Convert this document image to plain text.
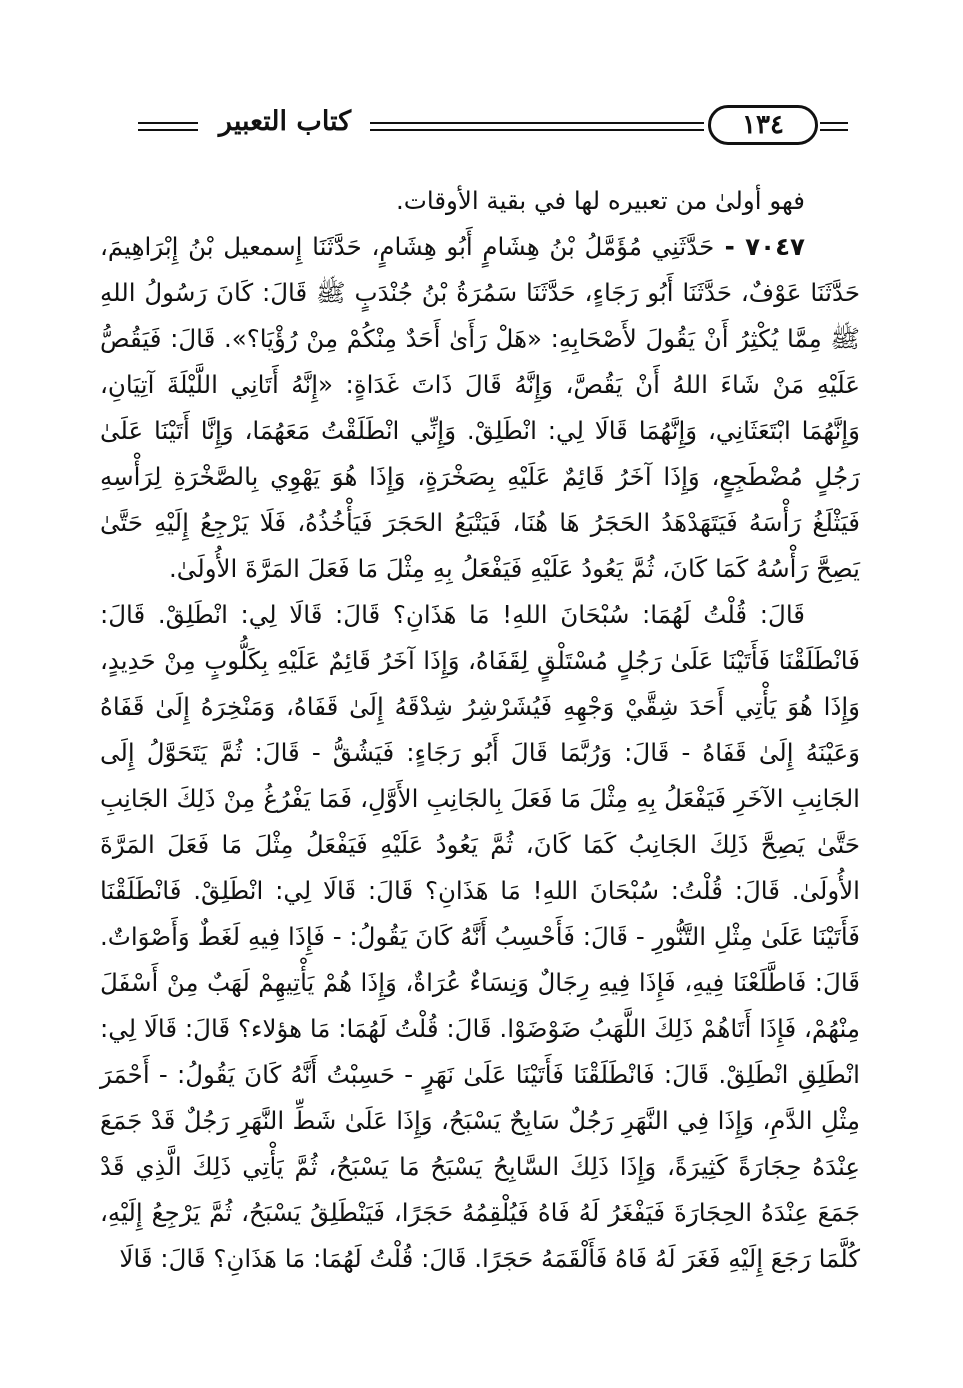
كتاب التعبير	١٣٤

فهو أولىٰ من تعبيره لها في بقية الأوقات.

٧٠٤٧ - حَدَّثَنِي مُؤَمَّلُ بْنُ هِشَامٍ أَبُو هِشَامٍ، حَدَّثَنَا إِسمعيل بْنُ إِبْرَاهِيمَ، حَدَّثَنَا عَوْفٌ، حَدَّثَنَا أَبُو رَجَاءٍ، حَدَّثَنَا سَمُرَةُ بْنُ جُنْدَبٍ ﷺ قَالَ: كَانَ رَسُولُ اللهِ ﷺ مِمَّا يُكْثِرُ أَنْ يَقُولَ لأَصْحَابِهِ: «هَلْ رَأَىٰ أَحَدٌ مِنْكُمْ مِنْ رُؤْيَا؟». قَالَ: فَيَقُصُّ عَلَيْهِ مَنْ شَاءَ اللهُ أَنْ يَقُصَّ، وَإِنَّهُ قَالَ ذَاتَ غَدَاةٍ: «إِنَّهُ أَتَانِي اللَّيْلَةَ آتِيَانِ، وَإِنَّهُمَا ابْتَعَثَانِي، وَإِنَّهُمَا قَالَا لِي: انْطَلِقْ. وَإِنِّي انْطَلَقْتُ مَعَهُمَا، وَإِنَّا أَتَيْنَا عَلَىٰ رَجُلٍ مُضْطَجِعٍ، وَإِذَا آخَرُ قَائِمٌ عَلَيْهِ بِصَخْرَةٍ، وَإِذَا هُوَ يَهْوِي بِالصَّخْرَةِ لِرَأْسِهِ فَيَثْلَغُ رَأْسَهُ فَيَتَهَدْهَدُ الحَجَرُ هَا هُنَا، فَيَتْبَعُ الحَجَرَ فَيَأْخُذُهُ، فَلَا يَرْجِعُ إِلَيْهِ حَتَّىٰ يَصِحَّ رَأْسُهُ كَمَا كَانَ، ثُمَّ يَعُودُ عَلَيْهِ فَيَفْعَلُ بِهِ مِثْلَ مَا فَعَلَ المَرَّةَ الأُولَىٰ.

قَالَ: قُلْتُ لَهُمَا: سُبْحَانَ اللهِ! مَا هَذَانِ؟ قَالَ: قَالَا لِي: انْطَلِقْ. قَالَ: فَانْطَلَقْنَا فَأَتَيْنَا عَلَىٰ رَجُلٍ مُسْتَلْقٍ لِقَفَاهُ، وَإِذَا آخَرُ قَائِمٌ عَلَيْهِ بِكَلُّوبٍ مِنْ حَدِيدٍ، وَإِذَا هُوَ يَأْتِي أَحَدَ شِقَّيْ وَجْهِهِ فَيُشَرْشِرُ شِدْقَهُ إِلَىٰ قَفَاهُ، وَمَنْخِرَهُ إِلَىٰ قَفَاهُ وَعَيْنَهُ إِلَىٰ قَفَاهُ - قَالَ: وَرُبَّمَا قَالَ أَبُو رَجَاءٍ: فَيَشُقُّ - قَالَ: ثُمَّ يَتَحَوَّلُ إِلَى الجَانِبِ الآخَرِ فَيَفْعَلُ بِهِ مِثْلَ مَا فَعَلَ بِالجَانِبِ الأَوَّلِ، فَمَا يَفْرُغُ مِنْ ذَلِكَ الجَانِبِ حَتَّىٰ يَصِحَّ ذَلِكَ الجَانِبُ كَمَا كَانَ، ثُمَّ يَعُودُ عَلَيْهِ فَيَفْعَلُ مِثْلَ مَا فَعَلَ المَرَّةَ الأُولَىٰ. قَالَ: قُلْتُ: سُبْحَانَ اللهِ! مَا هَذَانِ؟ قَالَ: قَالَا لِي: انْطَلِقْ. فَانْطَلَقْنَا فَأَتَيْنَا عَلَىٰ مِثْلِ التَّنُّورِ - قَالَ: فَأَحْسِبُ أَنَّهُ كَانَ يَقُولُ: - فَإِذَا فِيهِ لَغَطٌ وَأَصْوَاتٌ. قَالَ: فَاطَّلَعْنَا فِيهِ، فَإِذَا فِيهِ رِجَالٌ وَنِسَاءٌ عُرَاةٌ، وَإِذَا هُمْ يَأْتِيهِمْ لَهَبٌ مِنْ أَسْفَلَ مِنْهُمْ، فَإِذَا أَتَاهُمْ ذَلِكَ اللَّهَبُ ضَوْضَوْا. قَالَ: قُلْتُ لَهُمَا: مَا هؤلاء؟ قَالَ: قَالَا لِي: انْطَلِقِ انْطَلِقْ. قَالَ: فَانْطَلَقْنَا فَأَتَيْنَا عَلَىٰ نَهَرٍ - حَسِبْتُ أَنَّهُ كَانَ يَقُولُ: - أَحْمَرَ مِثْلِ الدَّمِ، وَإِذَا فِي النَّهَرِ رَجُلٌ سَابِحٌ يَسْبَحُ، وَإِذَا عَلَىٰ شَطِّ النَّهَرِ رَجُلٌ قَدْ جَمَعَ عِنْدَهُ حِجَارَةً كَثِيرَةً، وَإِذَا ذَلِكَ السَّابِحُ يَسْبَحُ مَا يَسْبَحُ، ثُمَّ يَأْتِي ذَلِكَ الَّذِي قَدْ جَمَعَ عِنْدَهُ الحِجَارَةَ فَيَفْغَرُ لَهُ فَاهُ فَيُلْقِمُهُ حَجَرًا، فَيَنْطَلِقُ يَسْبَحُ، ثُمَّ يَرْجِعُ إِلَيْهِ، كُلَّمَا رَجَعَ إِلَيْهِ فَغَرَ لَهُ فَاهُ فَأَلْقَمَهُ حَجَرًا. قَالَ: قُلْتُ لَهُمَا: مَا هَذَانِ؟ قَالَ: قَالَا
